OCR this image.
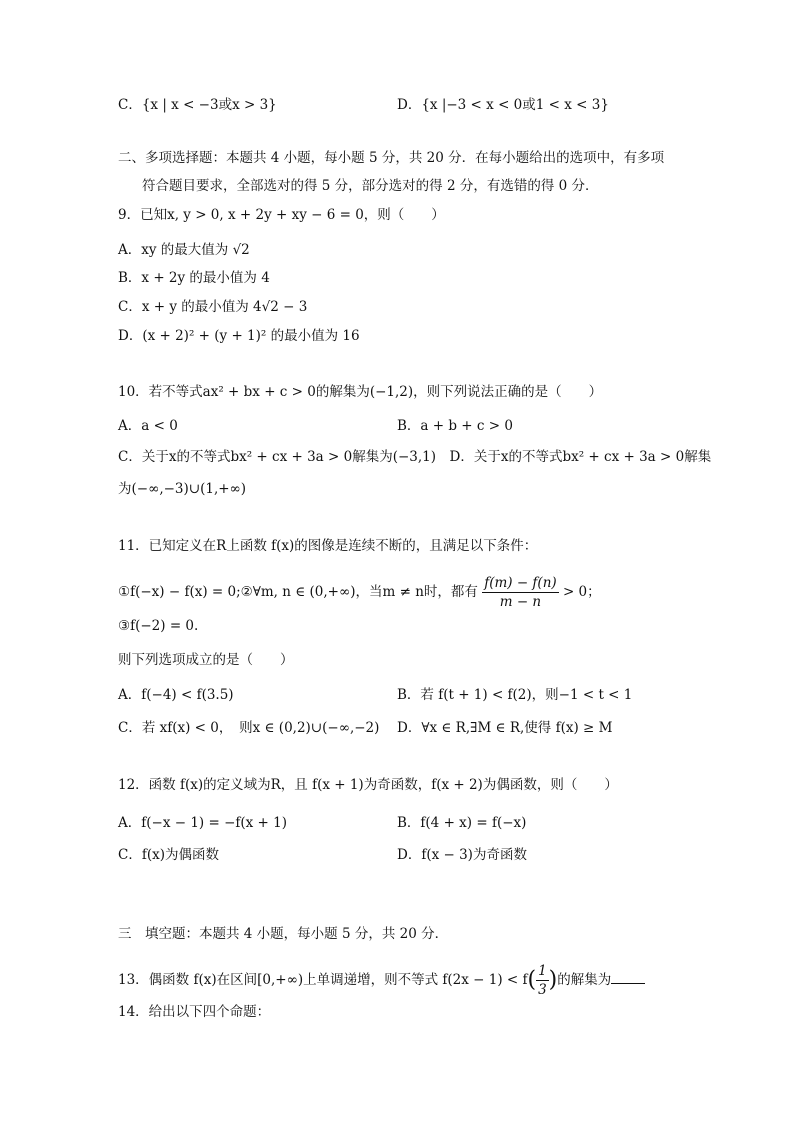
C．{x | x < −3或x > 3}	D．{x |−3 < x < 0或1 < x < 3}
二、多项选择题：本题共 4 小题，每小题 5 分，共 20 分．在每小题给出的选项中，有多项
符合题目要求，全部选对的得 5 分，部分选对的得 2 分，有选错的得 0 分．
9．已知x, y > 0, x + 2y + xy − 6 = 0，则（　　）
A．xy 的最大值为 √2
B．x + 2y 的最小值为 4
C．x + y 的最小值为 4√2 − 3
D．(x + 2)² + (y + 1)² 的最小值为 16
10．若不等式ax² + bx + c > 0的解集为(−1,2)，则下列说法正确的是（　　）
A．a < 0	B．a + b + c > 0
C．关于x的不等式bx² + cx + 3a > 0解集为(−3,1)　D．关于x的不等式bx² + cx + 3a > 0解集
为(−∞,−3)∪(1,+∞)
11．已知定义在R上函数 f(x)的图像是连续不断的，且满足以下条件：
①f(−x) − f(x) = 0;②∀m, n ∈ (0,+∞)，当m ≠ n时，都有 $\frac{f(m) - f(n)}{m - n} > 0$；
③f(−2) = 0.
则下列选项成立的是（　　）
A．f(−4) < f(3.5)	B．若 f(t + 1) < f(2)，则−1 < t < 1
C．若 xf(x) < 0，　则x ∈ (0,2)∪(−∞,−2) D．∀x ∈ R,∃M ∈ R,使得 f(x) ≥ M
12．函数 f(x)的定义域为R，且 f(x + 1)为奇函数，f(x + 2)为偶函数，则（　　）
A．f(−x − 1) = −f(x + 1)	B．f(4 + x) = f(−x)
C．f(x)为偶函数	D．f(x − 3)为奇函数
三　填空题：本题共 4 小题，每小题 5 分，共 20 分．
13．偶函数 f(x)在区间[0,+∞)上单调递增，则不等式 $f(2x - 1) < f( \frac{1}{3}$ )的解集为
14．给出以下四个命题：
